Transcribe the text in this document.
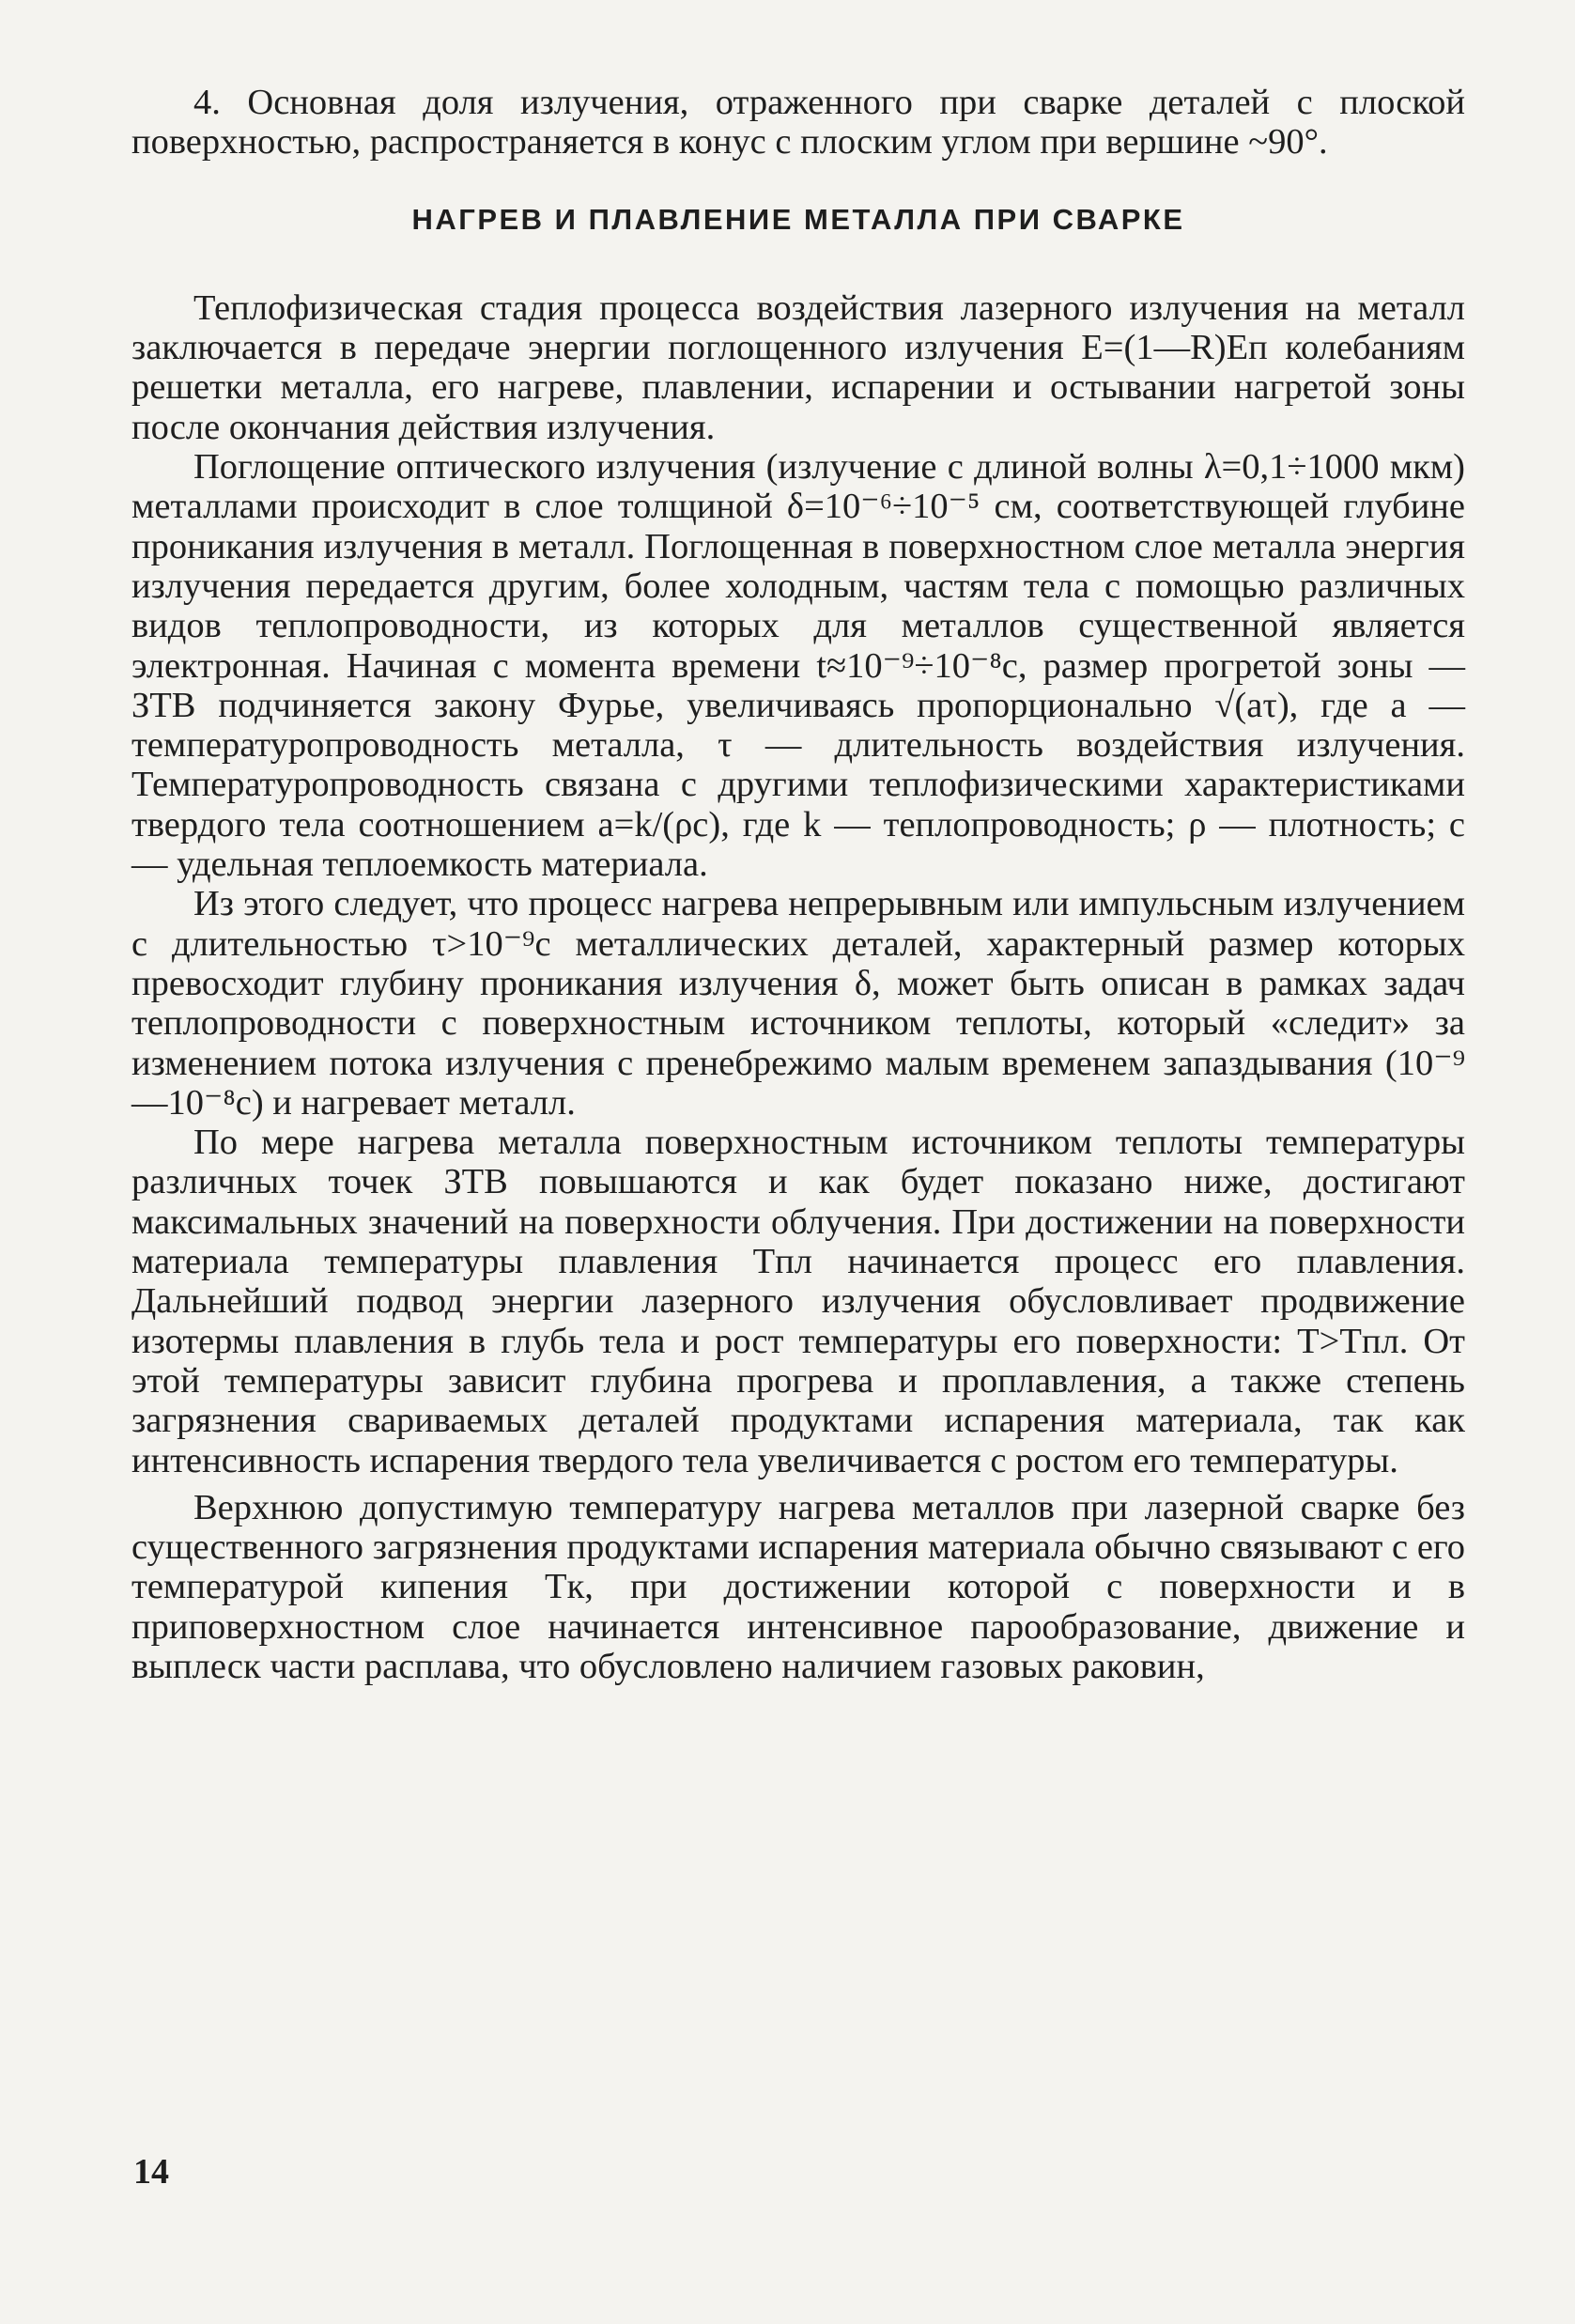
4. Основная доля излучения, отраженного при сварке деталей с плоской поверхностью, распространяется в конус с плоским углом при вершине ~90°.

НАГРЕВ И ПЛАВЛЕНИЕ МЕТАЛЛА ПРИ СВАРКЕ

Теплофизическая стадия процесса воздействия лазерного излучения на металл заключается в передаче энергии поглощенного излучения E=(1—R)Eп колебаниям решетки металла, его нагреве, плавлении, испарении и остывании нагретой зоны после окончания действия излучения.

Поглощение оптического излучения (излучение с длиной волны λ=0,1÷1000 мкм) металлами происходит в слое толщиной δ=10⁻⁶÷10⁻⁵ см, соответствующей глубине проникания излучения в металл. Поглощенная в поверхностном слое металла энергия излучения передается другим, более холодным, частям тела с помощью различных видов теплопроводности, из которых для металлов существенной является электронная. Начиная с момента времени t≈10⁻⁹÷10⁻⁸с, размер прогретой зоны — ЗТВ подчиняется закону Фурье, увеличиваясь пропорционально √(aτ), где a — температуропроводность металла, τ — длительность воздействия излучения. Температуропроводность связана с другими теплофизическими характеристиками твердого тела соотношением a=k/(ρc), где k — теплопроводность; ρ — плотность; c — удельная теплоемкость материала.

Из этого следует, что процесс нагрева непрерывным или импульсным излучением с длительностью τ>10⁻⁹с металлических деталей, характерный размер которых превосходит глубину проникания излучения δ, может быть описан в рамках задач теплопроводности с поверхностным источником теплоты, который «следит» за изменением потока излучения с пренебрежимо малым временем запаздывания (10⁻⁹—10⁻⁸с) и нагревает металл.

По мере нагрева металла поверхностным источником теплоты температуры различных точек ЗТВ повышаются и как будет показано ниже, достигают максимальных значений на поверхности облучения. При достижении на поверхности материала температуры плавления Tпл начинается процесс его плавления. Дальнейший подвод энергии лазерного излучения обусловливает продвижение изотермы плавления в глубь тела и рост температуры его поверхности: T>Tпл. От этой температуры зависит глубина прогрева и проплавления, а также степень загрязнения свариваемых деталей продуктами испарения материала, так как интенсивность испарения твердого тела увеличивается с ростом его температуры.

Верхнюю допустимую температуру нагрева металлов при лазерной сварке без существенного загрязнения продуктами испарения материала обычно связывают с его температурой кипения Tк, при достижении которой с поверхности и в приповерхностном слое начинается интенсивное парообразование, движение и выплеск части расплава, что обусловлено наличием газовых раковин,

14
